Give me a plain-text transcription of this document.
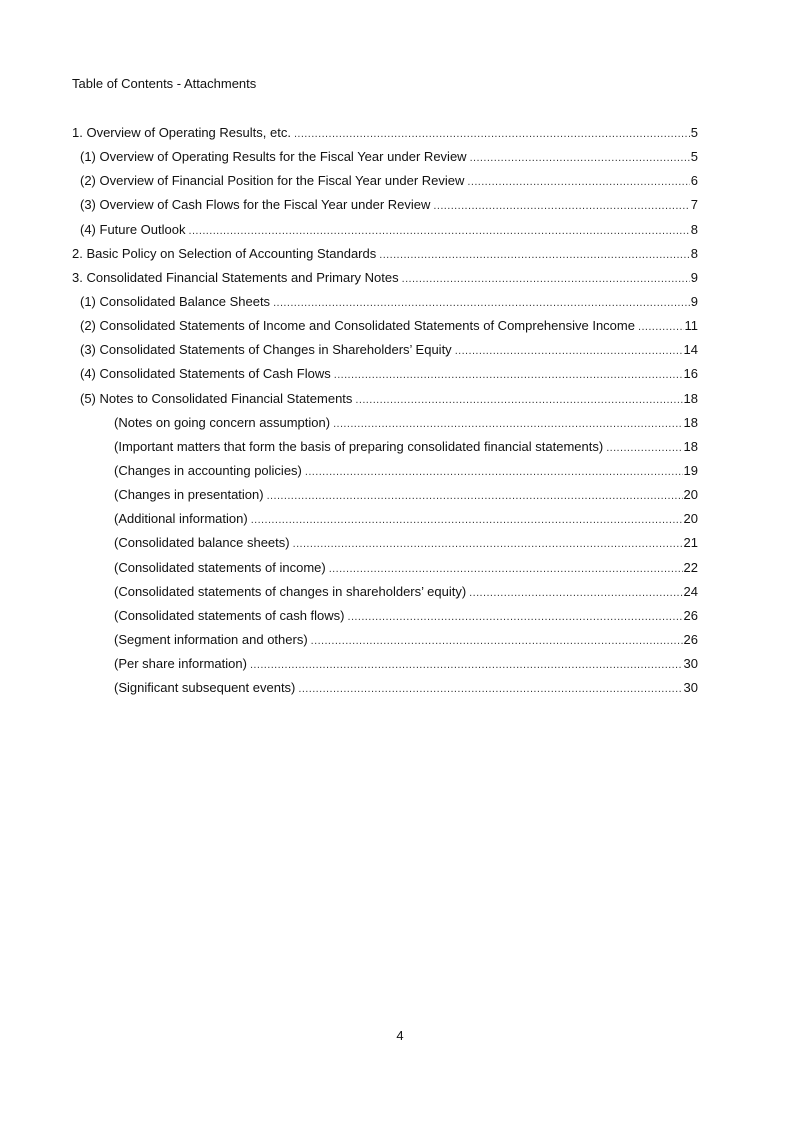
Table of Contents - Attachments
1. Overview of Operating Results, etc. .....	5
(1) Overview of Operating Results for the Fiscal Year under Review .....	5
(2) Overview of Financial Position for the Fiscal Year under Review .....	6
(3) Overview of Cash Flows for the Fiscal Year under Review .....	7
(4) Future Outlook .....	8
2. Basic Policy on Selection of Accounting Standards .....	8
3. Consolidated Financial Statements and Primary Notes .....	9
(1) Consolidated Balance Sheets .....	9
(2) Consolidated Statements of Income and Consolidated Statements of Comprehensive Income .....	11
(3) Consolidated Statements of Changes in Shareholders’ Equity .....	14
(4) Consolidated Statements of Cash Flows .....	16
(5) Notes to Consolidated Financial Statements .....	18
(Notes on going concern assumption) .....	18
(Important matters that form the basis of preparing consolidated financial statements) .....	18
(Changes in accounting policies) .....	19
(Changes in presentation) .....	20
(Additional information) .....	20
(Consolidated balance sheets) .....	21
(Consolidated statements of income) .....	22
(Consolidated statements of changes in shareholders’ equity) .....	24
(Consolidated statements of cash flows) .....	26
(Segment information and others) .....	26
(Per share information) .....	30
(Significant subsequent events) .....	30
4
